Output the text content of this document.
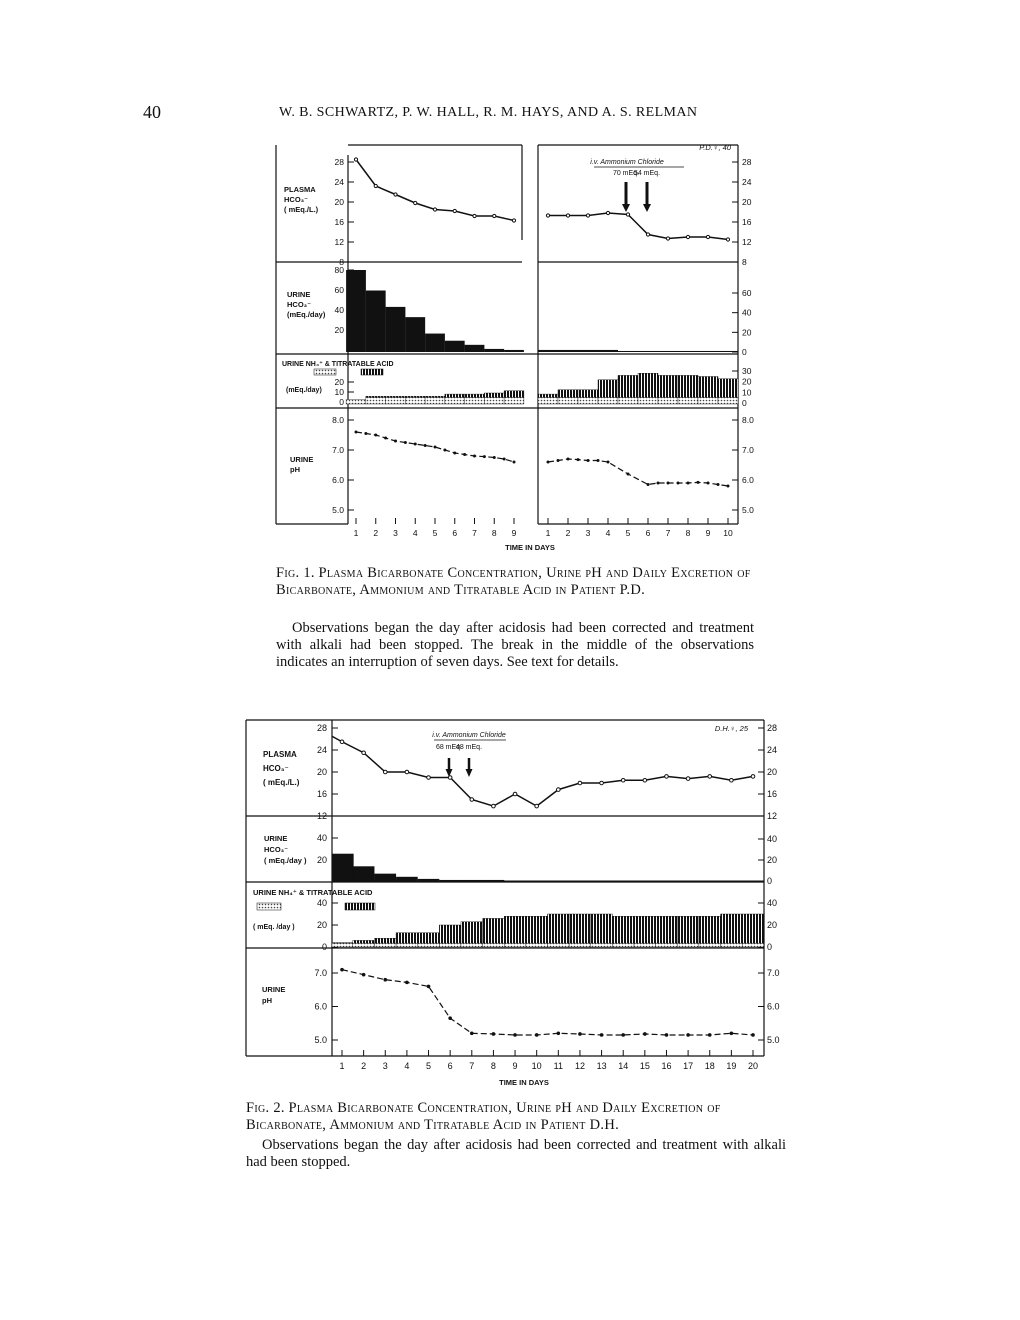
40	W. B. SCHWARTZ, P. W. HALL, R. M. HAYS, AND A. S. RELMAN
PLASMA
HCO₃⁻
( mEq./L.)
URINE
HCO₃⁻
(mEq./day)
URINE NH₄⁺ & TITRATABLE ACID
(mEq./day)
URINE
pH
P.D.♀, 40
i.v. Ammonium Chloride
70 mEq.
54 mEq.
28
24
20
16
12
8
28
24
20
16
12
8
80
60
40
20
60
40
20
0
20
10
0
30
20
10
0
8.0
7.0
6.0
5.0
8.0
7.0
6.0
5.0
1 2 3 4 5 6 7 8 9	1 2 3 4 5 6 7 8 9 10
TIME IN DAYS
PLASMA
HCO₃⁻
( mEq./L.)
URINE
HCO₃⁻
( mEq./day )
URINE NH₄⁺ & TITRATABLE ACID
( mEq. /day )
URINE
pH
D.H.♀, 25
i.v. Ammonium Chloride
68 mEq.
48 mEq.
28
24
20
16
12
28
24
20
16
12
40
20
40
20
0
40
20
0
40
20
0
7.0
6.0
5.0
7.0
6.0
5.0
1 2 3 4 5 6 7 8 9 10 11 12 13 14 15 16 17 18 19 20
TIME IN DAYS
Fig. 1. Plasma Bicarbonate Concentration, Urine pH and Daily Excretion of Bicarbonate, Ammonium and Titratable Acid in Patient P.D.
Observations began the day after acidosis had been corrected and treatment with alkali had been stopped. The break in the middle of the observations indicates an interruption of seven days. See text for details.
Fig. 2. Plasma Bicarbonate Concentration, Urine pH and Daily Excretion of Bicarbonate, Ammonium and Titratable Acid in Patient D.H.
Observations began the day after acidosis had been corrected and treatment with alkali had been stopped.
